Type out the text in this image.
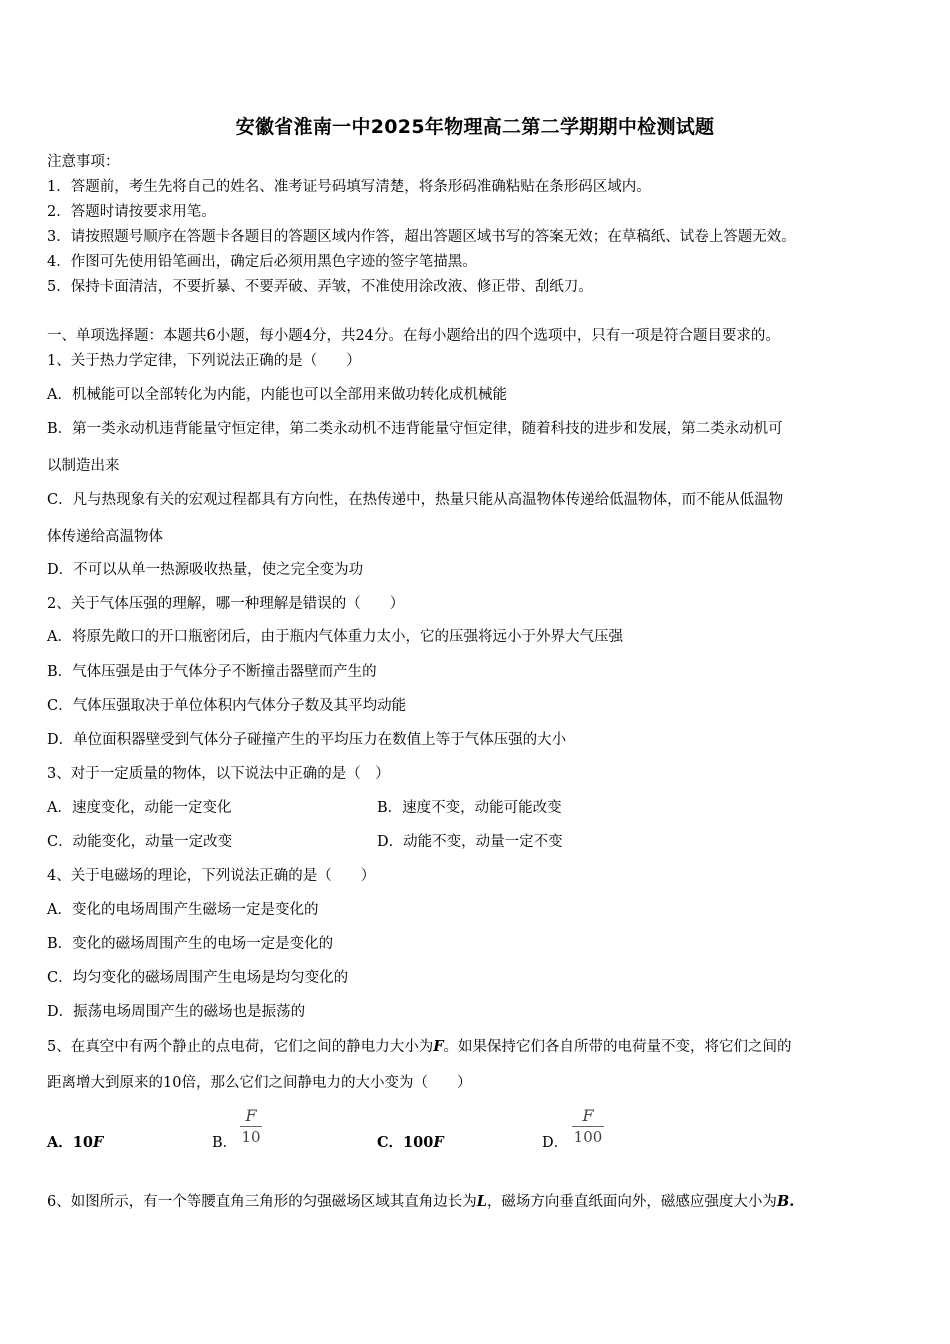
安徽省淮南一中2025年物理高二第二学期期中检测试题
注意事项：
1．答题前，考生先将自己的姓名、准考证号码填写清楚，将条形码准确粘贴在条形码区域内。
2．答题时请按要求用笔。
3．请按照题号顺序在答题卡各题目的答题区域内作答，超出答题区域书写的答案无效；在草稿纸、试卷上答题无效。
4．作图可先使用铅笔画出，确定后必须用黑色字迹的签字笔描黑。
5．保持卡面清洁，不要折暴、不要弄破、弄皱，不准使用涂改液、修正带、刮纸刀。
一、单项选择题：本题共6小题，每小题4分，共24分。在每小题给出的四个选项中，只有一项是符合题目要求的。
1、关于热力学定律，下列说法正确的是（　　）
A．机械能可以全部转化为内能，内能也可以全部用来做功转化成机械能
B．第一类永动机违背能量守恒定律，第二类永动机不违背能量守恒定律，随着科技的进步和发展，第二类永动机可
以制造出来
C．凡与热现象有关的宏观过程都具有方向性，在热传递中，热量只能从高温物体传递给低温物体，而不能从低温物
体传递给高温物体
D．不可以从单一热源吸收热量，使之完全变为功
2、关于气体压强的理解，哪一种理解是错误的（　　）
A．将原先敞口的开口瓶密闭后，由于瓶内气体重力太小，它的压强将远小于外界大气压强
B．气体压强是由于气体分子不断撞击器壁而产生的
C．气体压强取决于单位体积内气体分子数及其平均动能
D．单位面积器壁受到气体分子碰撞产生的平均压力在数值上等于气体压强的大小
3、对于一定质量的物体，以下说法中正确的是（　）
A．速度变化，动能一定变化	B．速度不变，动能可能改变
C．动能变化，动量一定改变	D．动能不变，动量一定不变
4、关于电磁场的理论，下列说法正确的是（　　）
A．变化的电场周围产生磁场一定是变化的
B．变化的磁场周围产生的电场一定是变化的
C．均匀变化的磁场周围产生电场是均匀变化的
D．振荡电场周围产生的磁场也是振荡的
5、在真空中有两个静止的点电荷，它们之间的静电力大小为F。如果保持它们各自所带的电荷量不变，将它们之间的
距离增大到原来的10倍，那么它们之间静电力的大小变为（　　）
A．10F	B．
F
10	C．100F	D．
F
100
6、如图所示，有一个等腰直角三角形的匀强磁场区域其直角边长为L，磁场方向垂直纸面向外，磁感应强度大小为B.
